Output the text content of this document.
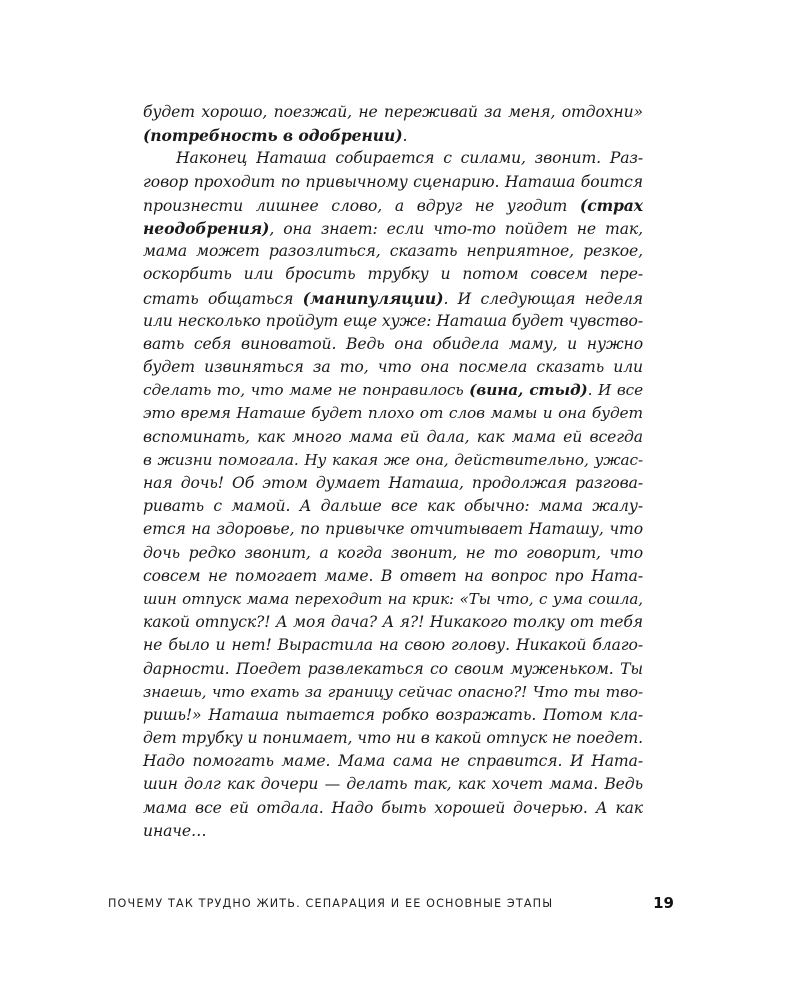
будет хорошо, поезжай, не переживай за меня, отдохни»
(потребность в одобрении).
Наконец Наташа собирается с силами, звонит. Раз-
говор проходит по привычному сценарию. Наташа боится
произнести лишнее слово, а вдруг не угодит (страх
неодобрения), она знает: если что-то пойдет не так,
мама может разозлиться, сказать неприятное, резкое,
оскорбить или бросить трубку и потом совсем пере-
стать общаться (манипуляции). И следующая неделя
или несколько пройдут еще хуже: Наташа будет чувство-
вать себя виноватой. Ведь она обидела маму, и нужно
будет извиняться за то, что она посмела сказать или
сделать то, что маме не понравилось (вина, стыд). И все
это время Наташе будет плохо от слов мамы и она будет
вспоминать, как много мама ей дала, как мама ей всегда
в жизни помогала. Ну какая же она, действительно, ужас-
ная дочь! Об этом думает Наташа, продолжая разгова-
ривать с мамой. А дальше все как обычно: мама жалу-
ется на здоровье, по привычке отчитывает Наташу, что
дочь редко звонит, а когда звонит, не то говорит, что
совсем не помогает маме. В ответ на вопрос про Ната-
шин отпуск мама переходит на крик: «Ты что, с ума сошла,
какой отпуск?! А моя дача? А я?! Никакого толку от тебя
не было и нет! Вырастила на свою голову. Никакой благо-
дарности. Поедет развлекаться со своим муженьком. Ты
знаешь, что ехать за границу сейчас опасно?! Что ты тво-
ришь!» Наташа пытается робко возражать. Потом кла-
дет трубку и понимает, что ни в какой отпуск не поедет.
Надо помогать маме. Мама сама не справится. И Ната-
шин долг как дочери — делать так, как хочет мама. Ведь
мама все ей отдала. Надо быть хорошей дочерью. А как
иначе…
ПОЧЕМУ ТАК ТРУДНО ЖИТЬ. СЕПАРАЦИЯ И ЕЕ ОСНОВНЫЕ ЭТАПЫ	19
